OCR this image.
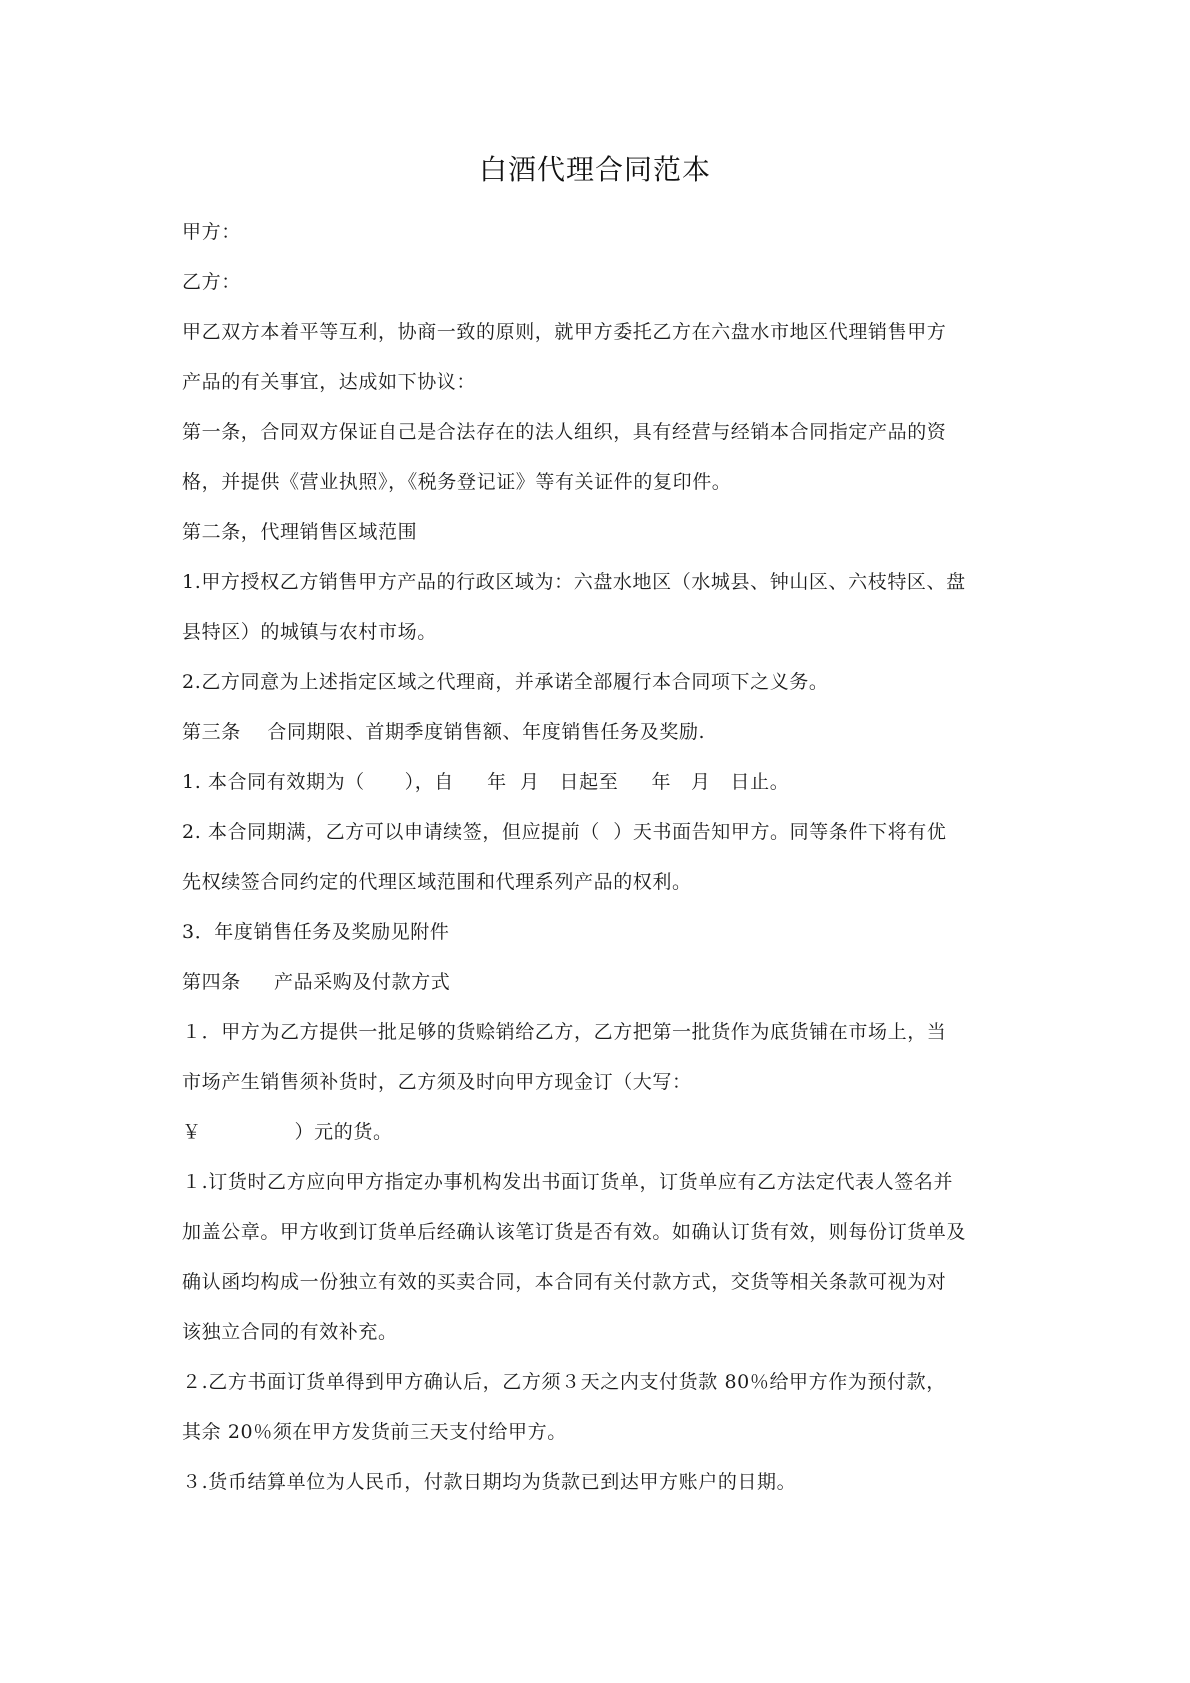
白酒代理合同范本
甲方：
乙方：
甲乙双方本着平等互利，协商一致的原则，就甲方委托乙方在六盘水市地区代理销售甲方
产品的有关事宜，达成如下协议：
第一条，合同双方保证自己是合法存在的法人组织，具有经营与经销本合同指定产品的资
格，并提供《营业执照》，《税务登记证》等有关证件的复印件。
第二条，代理销售区域范围
1.甲方授权乙方销售甲方产品的行政区域为：六盘水地区（水城县、钟山区、六枝特区、盘
县特区）的城镇与农村市场。
2.乙方同意为上述指定区域之代理商，并承诺全部履行本合同项下之义务。
第三条    合同期限、首期季度销售额、年度销售任务及奖励.
1. 本合同有效期为（      ），自     年  月   日起至     年   月   日止。
2. 本合同期满，乙方可以申请续签，但应提前（  ）天书面告知甲方。同等条件下将有优
先权续签合同约定的代理区域范围和代理系列产品的权利。
3．年度销售任务及奖励见附件
第四条     产品采购及付款方式
１．甲方为乙方提供一批足够的货赊销给乙方，乙方把第一批货作为底货铺在市场上，当
市场产生销售须补货时，乙方须及时向甲方现金订（大写：
￥              ）元的货。
１.订货时乙方应向甲方指定办事机构发出书面订货单，订货单应有乙方法定代表人签名并
加盖公章。甲方收到订货单后经确认该笔订货是否有效。如确认订货有效，则每份订货单及
确认函均构成一份独立有效的买卖合同，本合同有关付款方式，交货等相关条款可视为对
该独立合同的有效补充。
２.乙方书面订货单得到甲方确认后，乙方须３天之内支付货款 80％给甲方作为预付款，
其余 20％须在甲方发货前三天支付给甲方。
３.货币结算单位为人民币，付款日期均为货款已到达甲方账户的日期。
